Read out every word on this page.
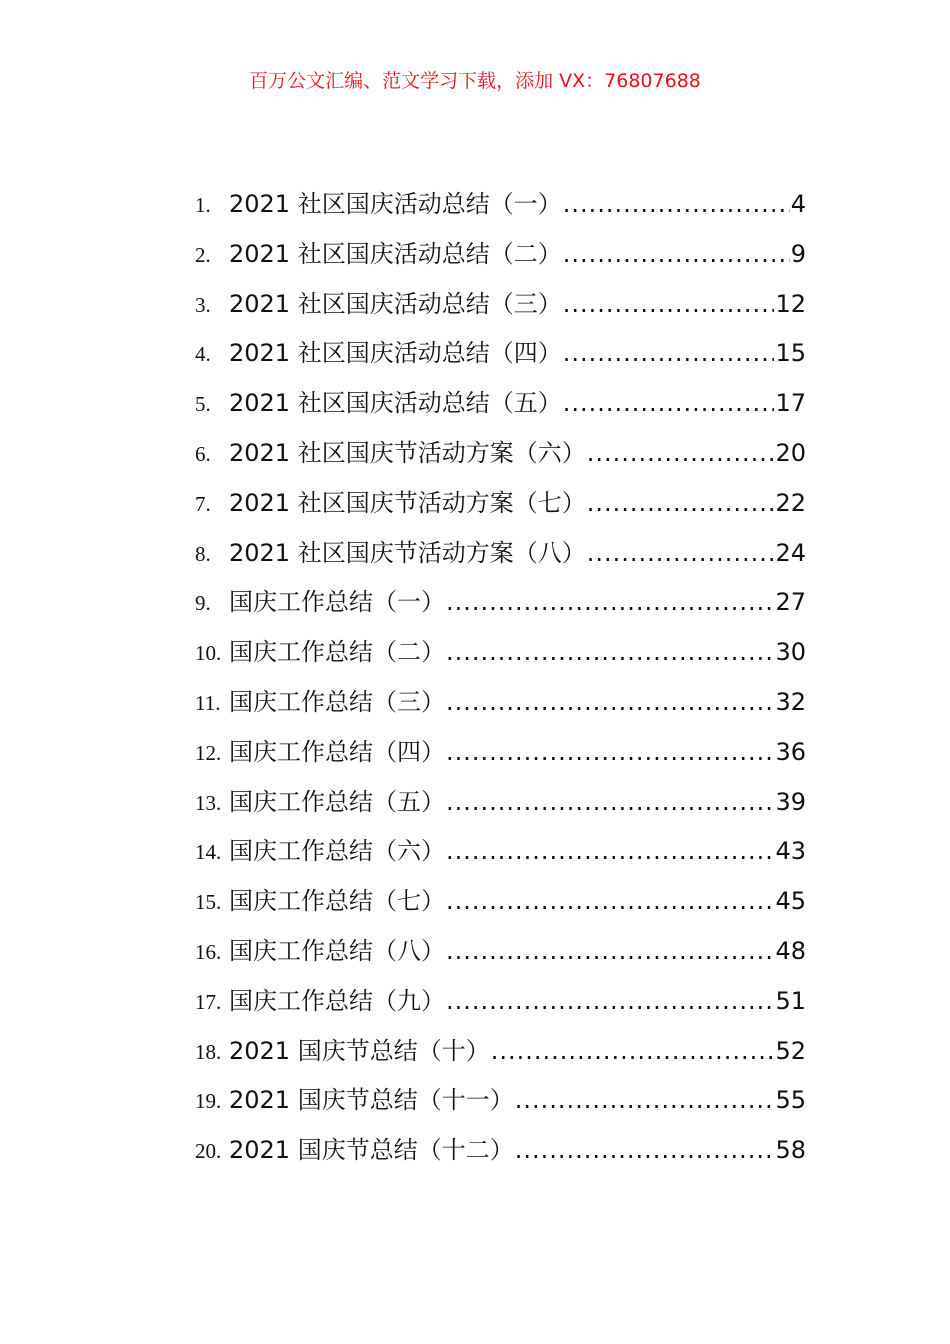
百万公文汇编、范文学习下载，添加 VX：76807688
1. 2021 社区国庆活动总结（一） .....	4
2. 2021 社区国庆活动总结（二） .....	9
3. 2021 社区国庆活动总结（三） .....	12
4. 2021 社区国庆活动总结（四） .....	15
5. 2021 社区国庆活动总结（五） .....	17
6. 2021 社区国庆节活动方案（六） .....	20
7. 2021 社区国庆节活动方案（七） .....	22
8. 2021 社区国庆节活动方案（八） .....	24
9. 国庆工作总结（一） .....	27
10. 国庆工作总结（二） .....	30
11. 国庆工作总结（三） .....	32
12. 国庆工作总结（四） .....	36
13. 国庆工作总结（五） .....	39
14. 国庆工作总结（六） .....	43
15. 国庆工作总结（七） .....	45
16. 国庆工作总结（八） .....	48
17. 国庆工作总结（九） .....	51
18. 2021 国庆节总结（十） .....	52
19. 2021 国庆节总结（十一） .....	55
20. 2021 国庆节总结（十二） .....	58
